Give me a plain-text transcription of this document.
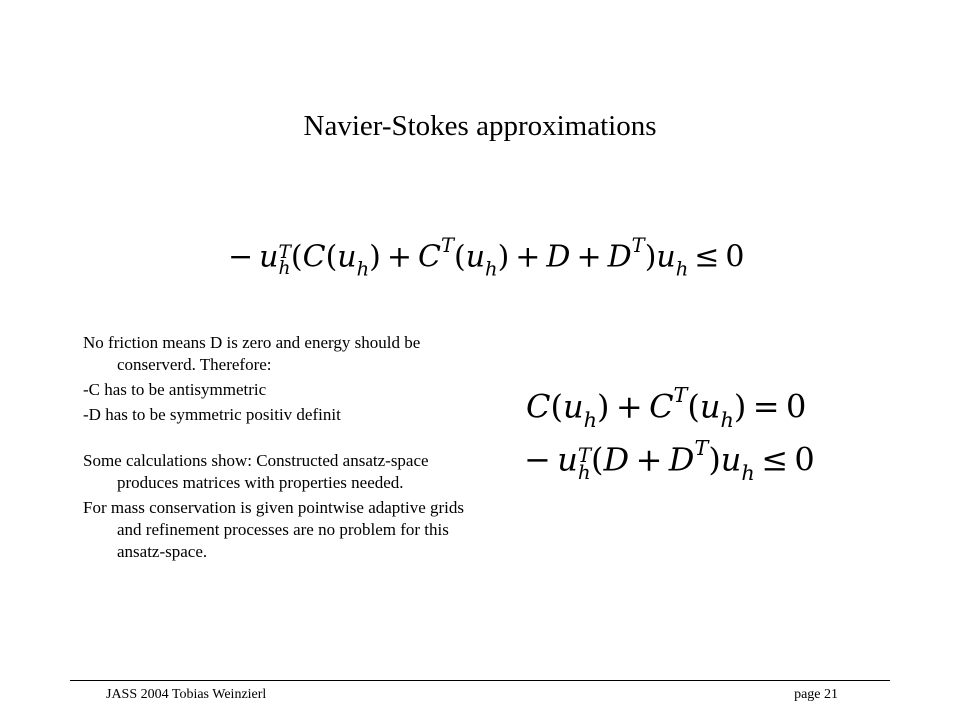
Navier-Stokes approximations
− u T
h $(C(u_h) + C^T(u_h) + D + D^T)u_h \le 0$

No friction means D is zero and energy should be conserverd. Therefore:

-C has to be antisymmetric

-D has to be symmetric positiv definit

Some calculations show: Constructed ansatz-space produces matrices with properties needed.

For mass conservation is given pointwise adaptive grids and refinement processes are no problem for this ansatz-space.

$C(u_h) + C^T(u_h) = 0$
− u T
h $(D + D^T)u_h \le 0$
JASS 2004 Tobias Weinzierl	page 21
